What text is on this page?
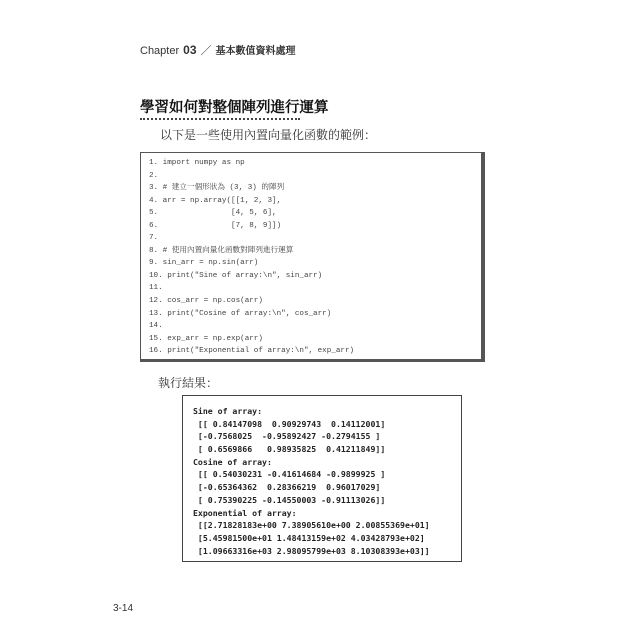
Chapter 03 ／ 基本數值資料處理
學習如何對整個陣列進行運算
以下是一些使用內置向量化函數的範例：
1. import numpy as np
2.
3. # 建立一個形狀為 (3, 3) 的陣列
4. arr = np.array([[1, 2, 3],
5.                [4, 5, 6],
6.                [7, 8, 9]])
7.
8. # 使用內置向量化函數對陣列進行運算
9. sin_arr = np.sin(arr)
10. print("Sine of array:\n", sin_arr)
11.
12. cos_arr = np.cos(arr)
13. print("Cosine of array:\n", cos_arr)
14.
15. exp_arr = np.exp(arr)
16. print("Exponential of array:\n", exp_arr)
執行結果：
Sine of array:
[[ 0.84147098  0.90929743  0.14112001]
[-0.7568025  -0.95892427 -0.2794155 ]
[ 0.6569866   0.98935825  0.41211849]]
Cosine of array:
[[ 0.54030231 -0.41614684 -0.9899925 ]
[-0.65364362  0.28366219  0.96017029]
[ 0.75390225 -0.14550003 -0.91113026]]
Exponential of array:
[[2.71828183e+00 7.38905610e+00 2.00855369e+01]
[5.45981500e+01 1.48413159e+02 4.03428793e+02]
[1.09663316e+03 2.98095799e+03 8.10308393e+03]]
3-14
